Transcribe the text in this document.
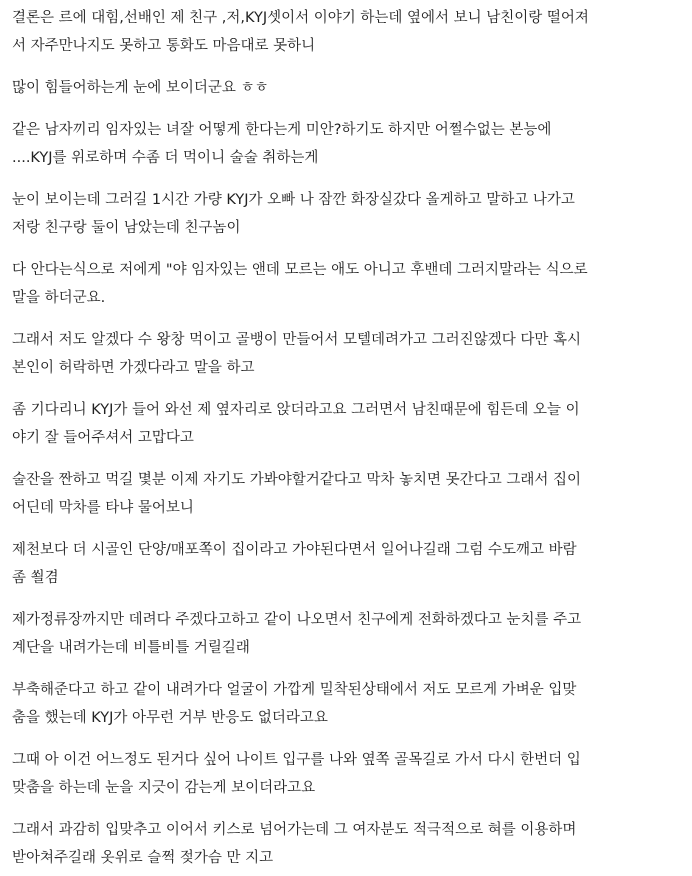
결론은 르에 대힘,선배인 제 친구 ,저,KYJ셋이서 이야기 하는데 옆에서 보니 남친이랑 떨어져
서 자주만나지도 못하고 통화도 마음대로 못하니

많이 힘들어하는게 눈에 보이더군요 ㅎㅎ

같은 남자끼리 임자있는 녀잘 어떻게 한다는게 미안?하기도 하지만 어쩔수없는 본능에
....KYJ를 위로하며 수좀 더 먹이니 술술 취하는게

눈이 보이는데 그러길 1시간 가량 KYJ가 오빠 나 잠깐 화장실갔다 올게하고 말하고 나가고
저랑 친구랑 둘이 남았는데 친구놈이

다 안다는식으로 저에게 "야 임자있는 앤데 모르는 애도 아니고 후밴데 그러지말라는 식으로
말을 하더군요.

그래서 저도 알겠다 수 왕창 먹이고 골뱅이 만들어서 모텔데려가고 그러진않겠다 다만 혹시
본인이 허락하면 가겠다라고 말을 하고

좀 기다리니 KYJ가 들어 와선 제 옆자리로 앉더라고요 그러면서 남친때문에 힘든데 오늘 이
야기 잘 들어주셔서 고맙다고

술잔을 짠하고 먹길 몇분 이제 자기도 가봐야할거같다고 막차 놓치면 못간다고 그래서 집이
어딘데 막차를 타냐 물어보니

제천보다 더 시골인 단양/매포쪽이 집이라고 가야된다면서 일어나길래 그럼 수도깨고 바람
좀 쐴겸

제가정류장까지만 데려다 주겠다고하고 같이 나오면서 친구에게 전화하겠다고 눈치를 주고
계단을 내려가는데 비틀비틀 거릴길래

부축해준다고 하고 같이 내려가다 얼굴이 가깝게 밀착된상태에서 저도 모르게 가벼운 입맞
춤을 했는데 KYJ가 아무런 거부 반응도 없더라고요

그때 아 이건 어느정도 된거다 싶어 나이트 입구를 나와 옆쪽 골목길로 가서 다시 한번더 입
맞춤을 하는데 눈을 지긋이 감는게 보이더라고요

그래서 과감히 입맞추고 이어서 키스로 넘어가는데 그 여자분도 적극적으로 혀를 이용하며
받아쳐주길래 옷위로 슬쩍 젖가슴 만 지고
